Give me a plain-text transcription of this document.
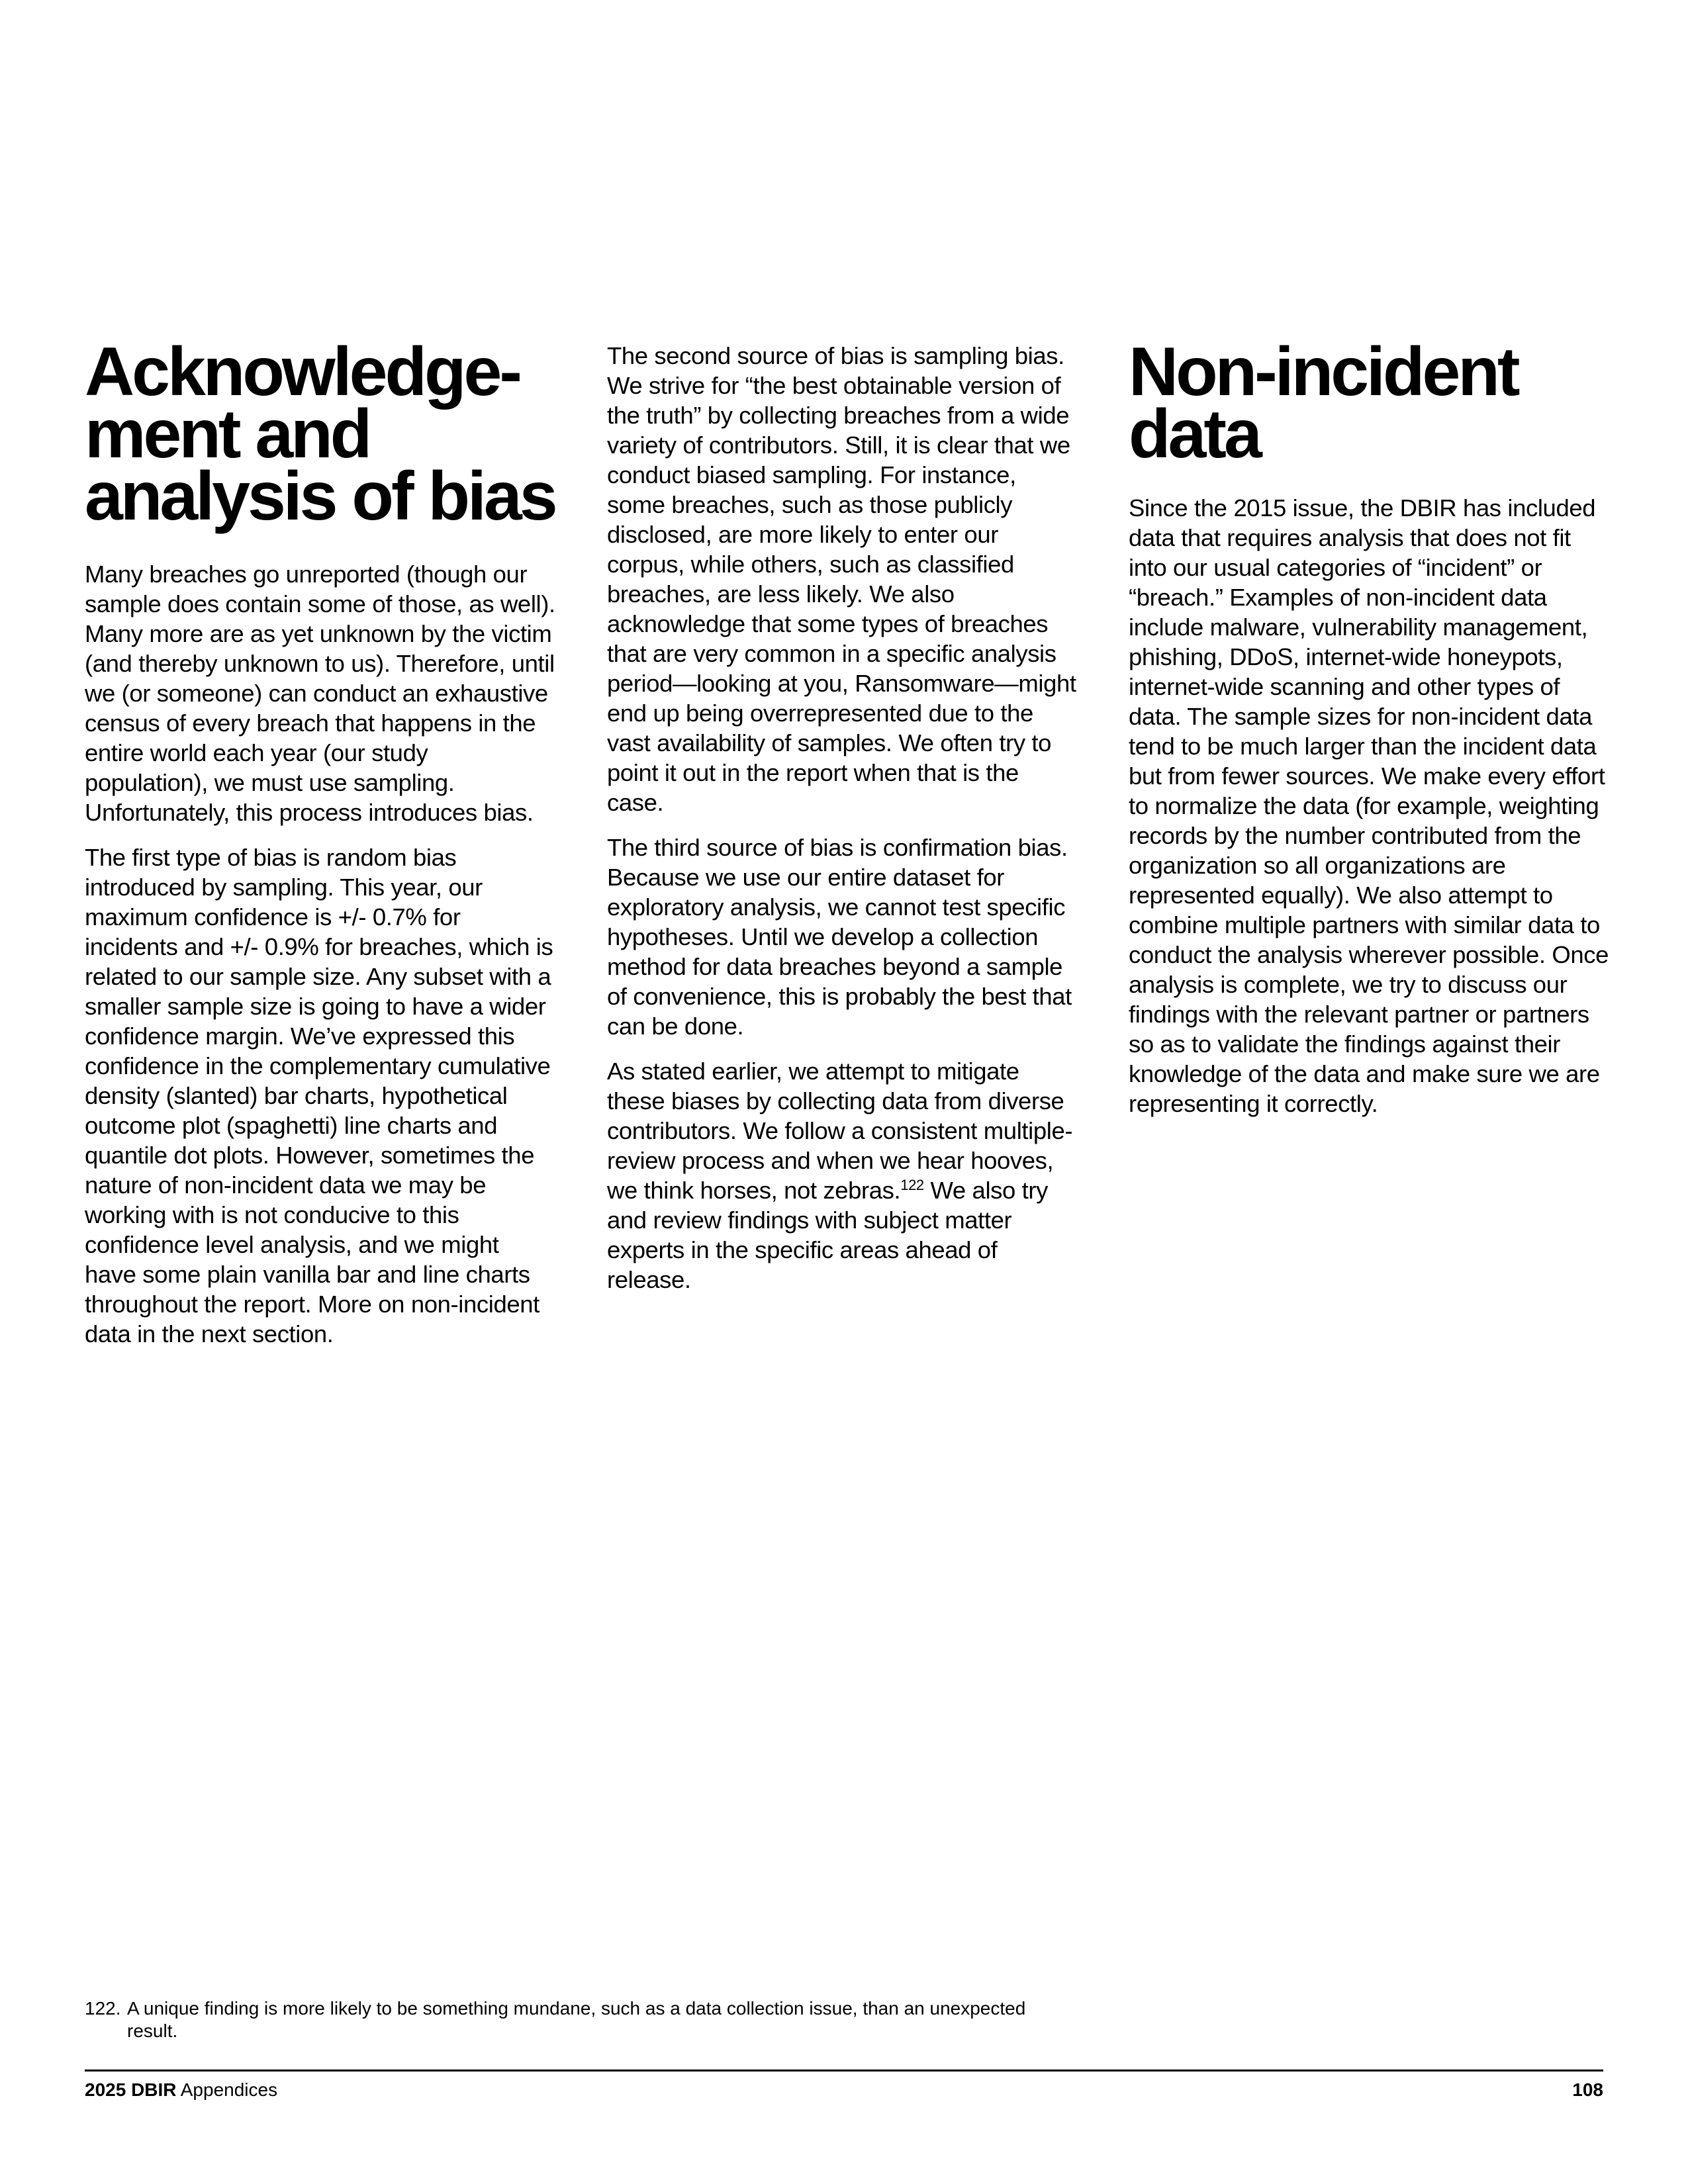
Acknowledge-
ment and
analysis of bias

Many breaches go unreported (though our sample does contain some of those, as well). Many more are as yet unknown by the victim (and thereby unknown to us). Therefore, until we (or someone) can conduct an exhaustive census of every breach that happens in the entire world each year (our study population), we must use sampling. Unfortunately, this process introduces bias.

The first type of bias is random bias introduced by sampling. This year, our maximum confidence is +/- 0.7% for incidents and +/- 0.9% for breaches, which is related to our sample size. Any subset with a smaller sample size is going to have a wider confidence margin. We’ve expressed this confidence in the complementary cumulative density (slanted) bar charts, hypothetical outcome plot (spaghetti) line charts and quantile dot plots. However, sometimes the nature of non-incident data we may be working with is not conducive to this confidence level analysis, and we might have some plain vanilla bar and line charts throughout the report. More on non-incident data in the next section.

The second source of bias is sampling bias. We strive for “the best obtainable version of the truth” by collecting breaches from a wide variety of contributors. Still, it is clear that we conduct biased sampling. For instance, some breaches, such as those publicly disclosed, are more likely to enter our corpus, while others, such as classified breaches, are less likely. We also acknowledge that some types of breaches that are very common in a specific analysis period—looking at you, Ransomware—might end up being overrepresented due to the vast availability of samples. We often try to point it out in the report when that is the case.

The third source of bias is confirmation bias. Because we use our entire dataset for exploratory analysis, we cannot test specific hypotheses. Until we develop a collection method for data breaches beyond a sample of convenience, this is probably the best that can be done.

As stated earlier, we attempt to mitigate these biases by collecting data from diverse contributors. We follow a consistent multiple-review process and when we hear hooves, we think horses, not zebras.$^{122}$ We also try and review findings with subject matter experts in the specific areas ahead of release.

Non-incident
data

Since the 2015 issue, the DBIR has included data that requires analysis that does not fit into our usual categories of “incident” or “breach.” Examples of non-incident data include malware, vulnerability management, phishing, DDoS, internet-wide honeypots, internet-wide scanning and other types of data. The sample sizes for non-incident data tend to be much larger than the incident data but from fewer sources. We make every effort to normalize the data (for example, weighting records by the number contributed from the organization so all organizations are represented equally). We also attempt to combine multiple partners with similar data to conduct the analysis wherever possible. Once analysis is complete, we try to discuss our findings with the relevant partner or partners so as to validate the findings against their knowledge of the data and make sure we are representing it correctly.

122. A unique finding is more likely to be something mundane, such as a data collection issue, than an unexpected result.
2025 DBIR Appendices	108
